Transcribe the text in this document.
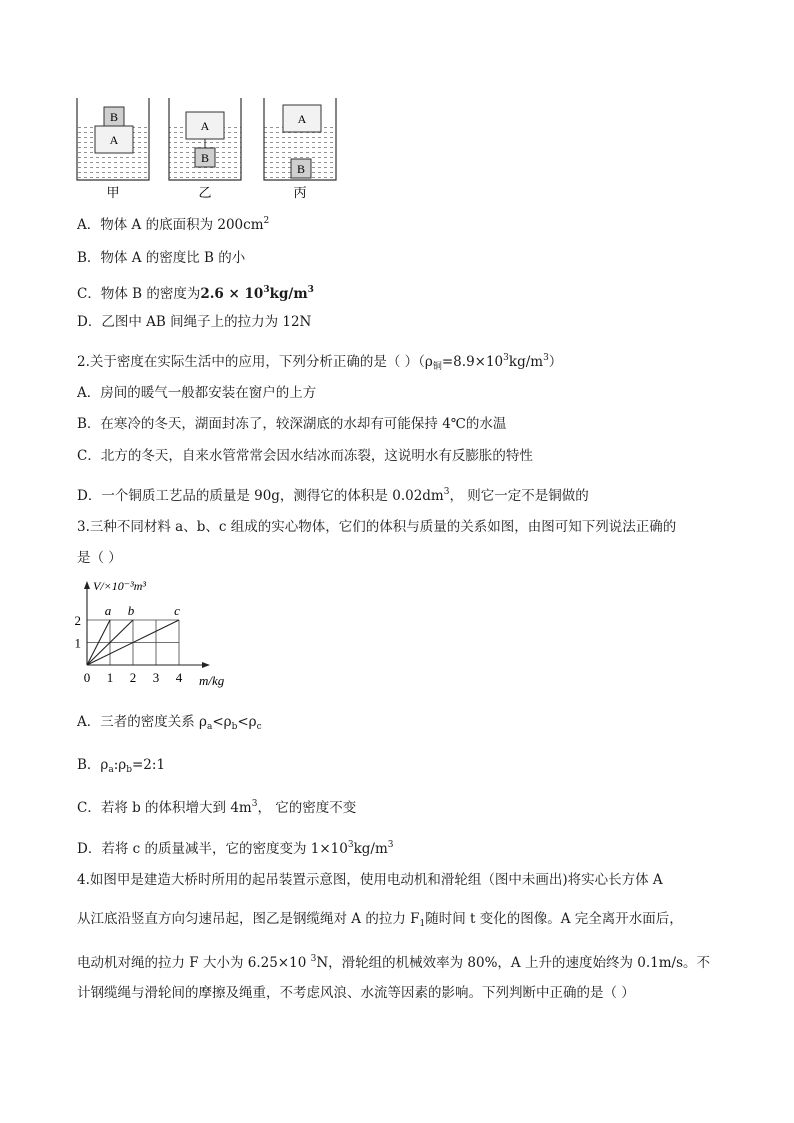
A
B
A
B
A
B
甲	乙	丙
A．物体 A 的底面积为 $200cm^2$
B．物体 A 的密度比 B 的小
C．物体 B 的密度为$2.6 \times 10^3kg/m^3$
D．乙图中 AB 间绳子上的拉力为 12N
2.关于密度在实际生活中的应用，下列分析正确的是（ ）$(\rho_铜=8.9\times 10^3kg/m^3)$
A．房间的暖气一般都安装在窗户的上方
B．在寒冷的冬天，湖面封冻了，较深湖底的水却有可能保持 4℃的水温
C．北方的冬天，自来水管常常会因水结冰而冻裂，这说明水有反膨胀的特性
D．一个铜质工艺品的质量是 90g，测得它的体积是 $0.02dm^3$， 则它一定不是铜做的
3.三种不同材料 a、b、c 组成的实心物体，它们的体积与质量的关系如图，由图可知下列说法正确的
是（ ）
a b	c
0 1 2 3 4
1
2
V/×10⁻³m³
m/kg
A．三者的密度关系 $\rho_a<\rho_b<\rho_c$
B．$\rho_a:\rho_b=2:1$
C．若将 b 的体积增大到 $4m^3$， 它的密度不变
D．若将 c 的质量减半，它的密度变为 $1\times 10^3kg/m^3$
4.如图甲是建造大桥时所用的起吊装置示意图，使用电动机和滑轮组（图中未画出)将实心长方体 A
从江底沿竖直方向匀速吊起，图乙是钢缆绳对 A 的拉力 $F_1$随时间 t 变化的图像。A 完全离开水面后，
电动机对绳的拉力 F 大小为 6.25×10 $^3$N，滑轮组的机械效率为 80%，A 上升的速度始终为 0.1m/s。不
计钢缆绳与滑轮间的摩擦及绳重，不考虑风浪、水流等因素的影响。下列判断中正确的是（ ）
